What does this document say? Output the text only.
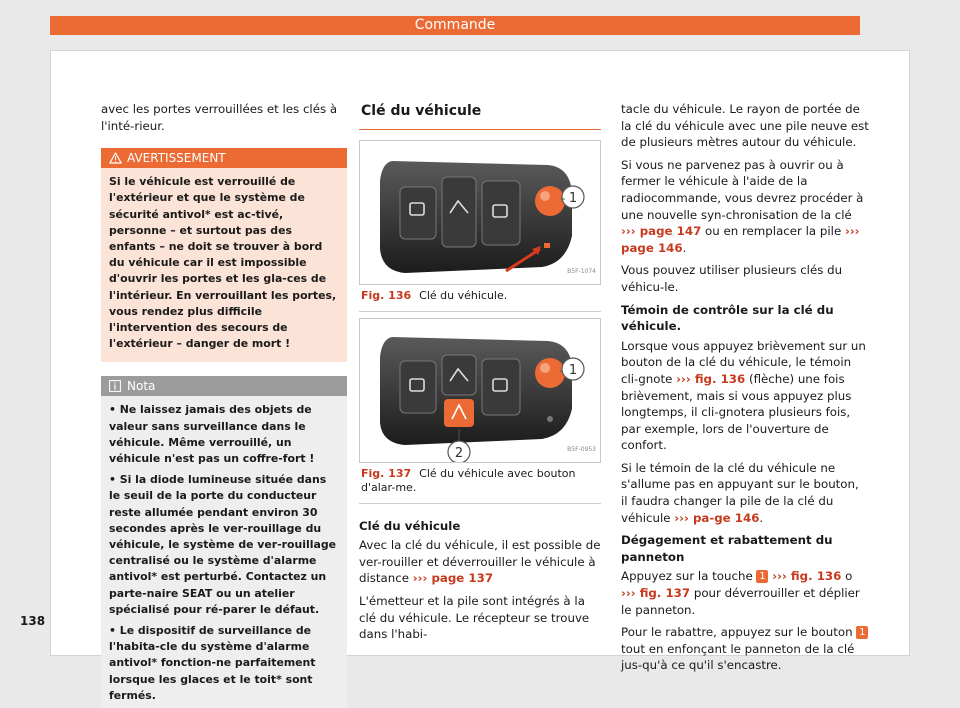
Commande

avec les portes verrouillées et les clés à l'inté-rieur.

AVERTISSEMENT
Si le véhicule est verrouillé de l'extérieur et que le système de sécurité antivol* est ac-tivé, personne – et surtout pas des enfants – ne doit se trouver à bord du véhicule car il est impossible d'ouvrir les portes et les gla-ces de l'intérieur. En verrouillant les portes, vous rendez plus difficile l'intervention des secours de l'extérieur – danger de mort !
Nota

• Ne laissez jamais des objets de valeur sans surveillance dans le véhicule. Même verrouillé, un véhicule n'est pas un coffre-fort !

• Si la diode lumineuse située dans le seuil de la porte du conducteur reste allumée pendant environ 30 secondes après le ver-rouillage du véhicule, le système de ver-rouillage centralisé ou le système d'alarme antivol* est perturbé. Contactez un parte-naire SEAT ou un atelier spécialisé pour ré-parer le défaut.

• Le dispositif de surveillance de l'habita-cle du système d'alarme antivol* fonction-ne parfaitement lorsque les glaces et le toit* sont fermés.

Clé du véhicule
1
B5F-1074
Fig. 136 Clé du véhicule.
1
2	B5F-0953
Fig. 137 Clé du véhicule avec bouton d'alar-me.

Clé du véhicule

Avec la clé du véhicule, il est possible de ver-rouiller et déverrouiller le véhicule à distance ››› page 137

L'émetteur et la pile sont intégrés à la clé du véhicule. Le récepteur se trouve dans l'habi-

tacle du véhicule. Le rayon de portée de la clé du véhicule avec une pile neuve est de plusieurs mètres autour du véhicule.

Si vous ne parvenez pas à ouvrir ou à fermer le véhicule à l'aide de la radiocommande, vous devrez procéder à une nouvelle syn-chronisation de la clé ››› page 147 ou en remplacer la pile ››› page 146.

Vous pouvez utiliser plusieurs clés du véhicu-le.

Témoin de contrôle sur la clé du véhicule.

Lorsque vous appuyez brièvement sur un bouton de la clé du véhicule, le témoin cli-gnote ››› fig. 136 (flèche) une fois brièvement, mais si vous appuyez plus longtemps, il cli-gnotera plusieurs fois, par exemple, lors de l'ouverture de confort.

Si le témoin de la clé du véhicule ne s'allume pas en appuyant sur le bouton, il faudra changer la pile de la clé du véhicule ››› pa-ge 146.

Dégagement et rabattement du panneton

Appuyez sur la touche 1 ››› fig. 136 o ››› fig. 137 pour déverrouiller et déplier le panneton.

Pour le rabattre, appuyez sur le bouton 1 tout en enfonçant le panneton de la clé jus-qu'à ce qu'il s'encastre.

138
